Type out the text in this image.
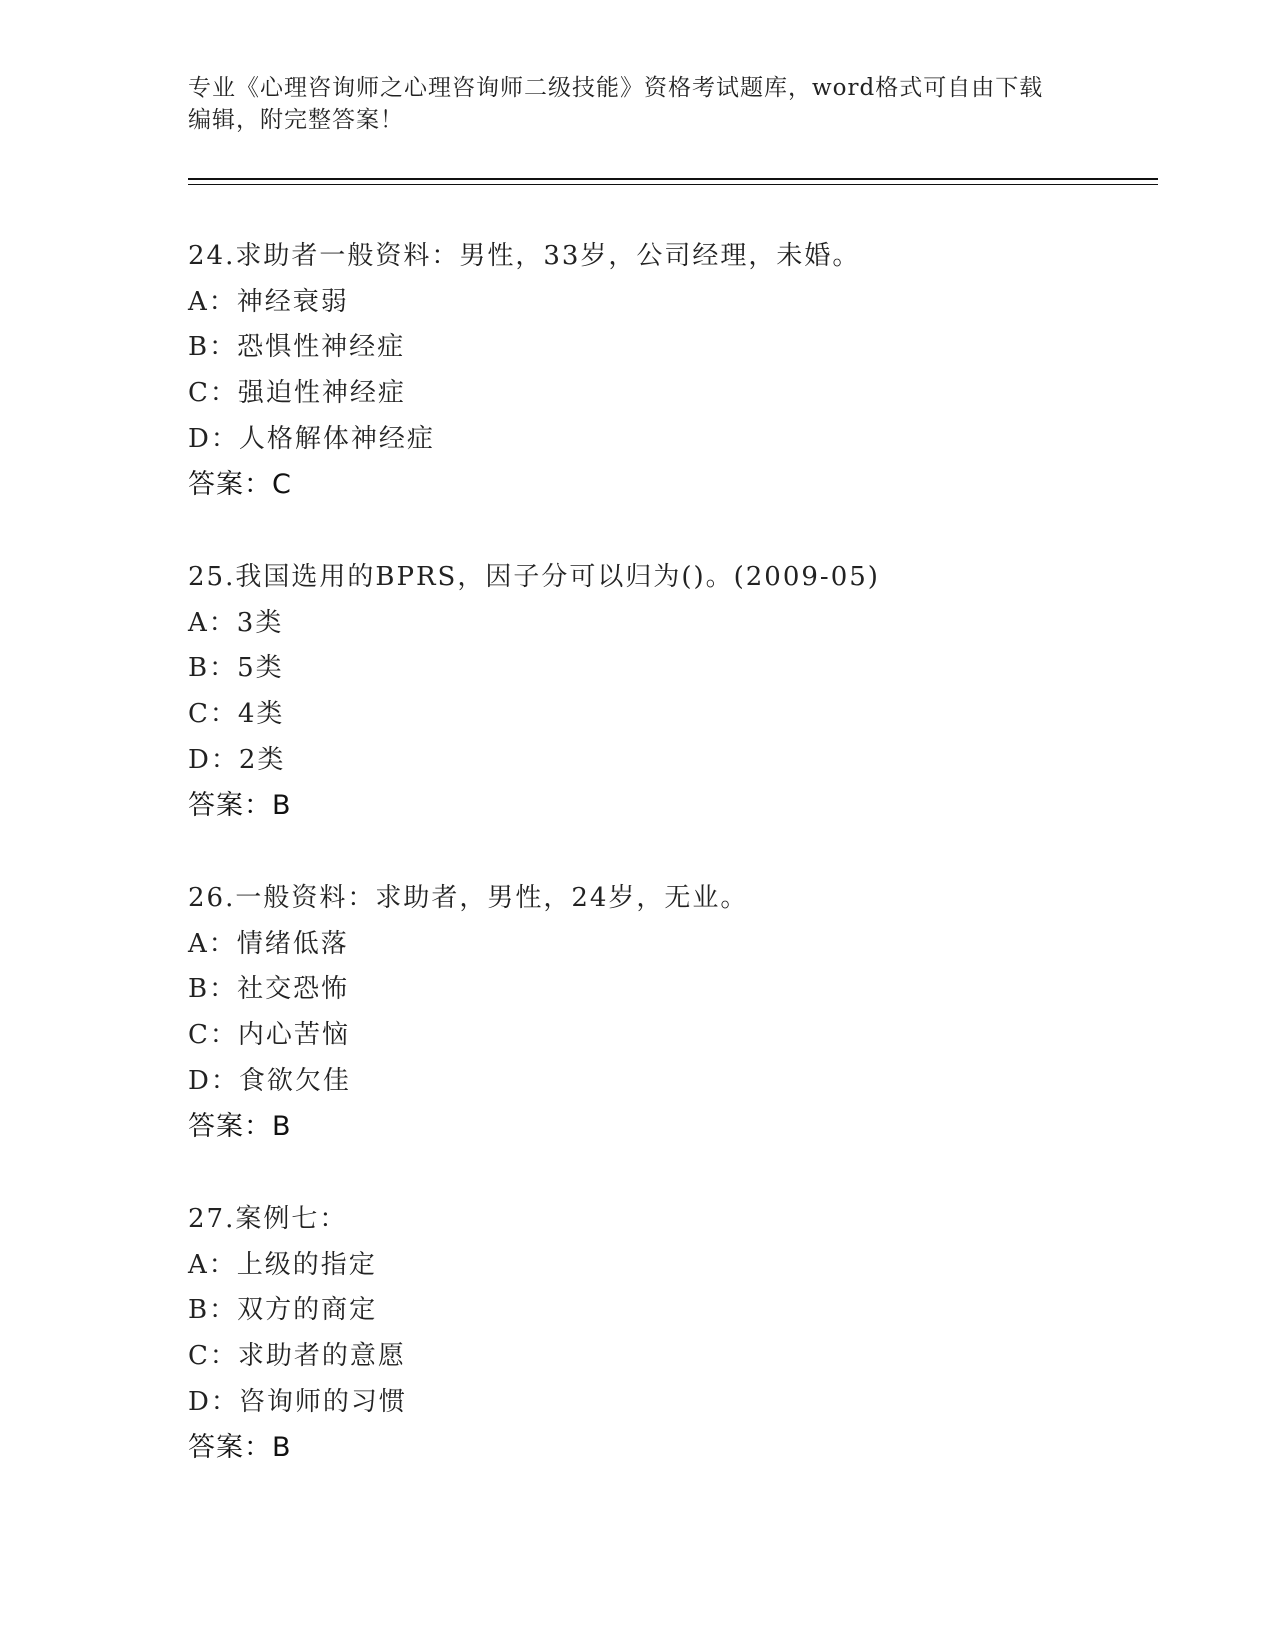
专业《心理咨询师之心理咨询师二级技能》资格考试题库，word格式可自由下载
编辑，附完整答案！
24.求助者一般资料：男性，33岁，公司经理，未婚。
A：神经衰弱
B：恐惧性神经症
C：强迫性神经症
D：人格解体神经症
答案：C
25.我国选用的BPRS，因子分可以归为()。(2009-05)
A：3类
B：5类
C：4类
D：2类
答案：B
26.一般资料：求助者，男性，24岁，无业。
A：情绪低落
B：社交恐怖
C：内心苦恼
D：食欲欠佳
答案：B
27.案例七：
A：上级的指定
B：双方的商定
C：求助者的意愿
D：咨询师的习惯
答案：B
